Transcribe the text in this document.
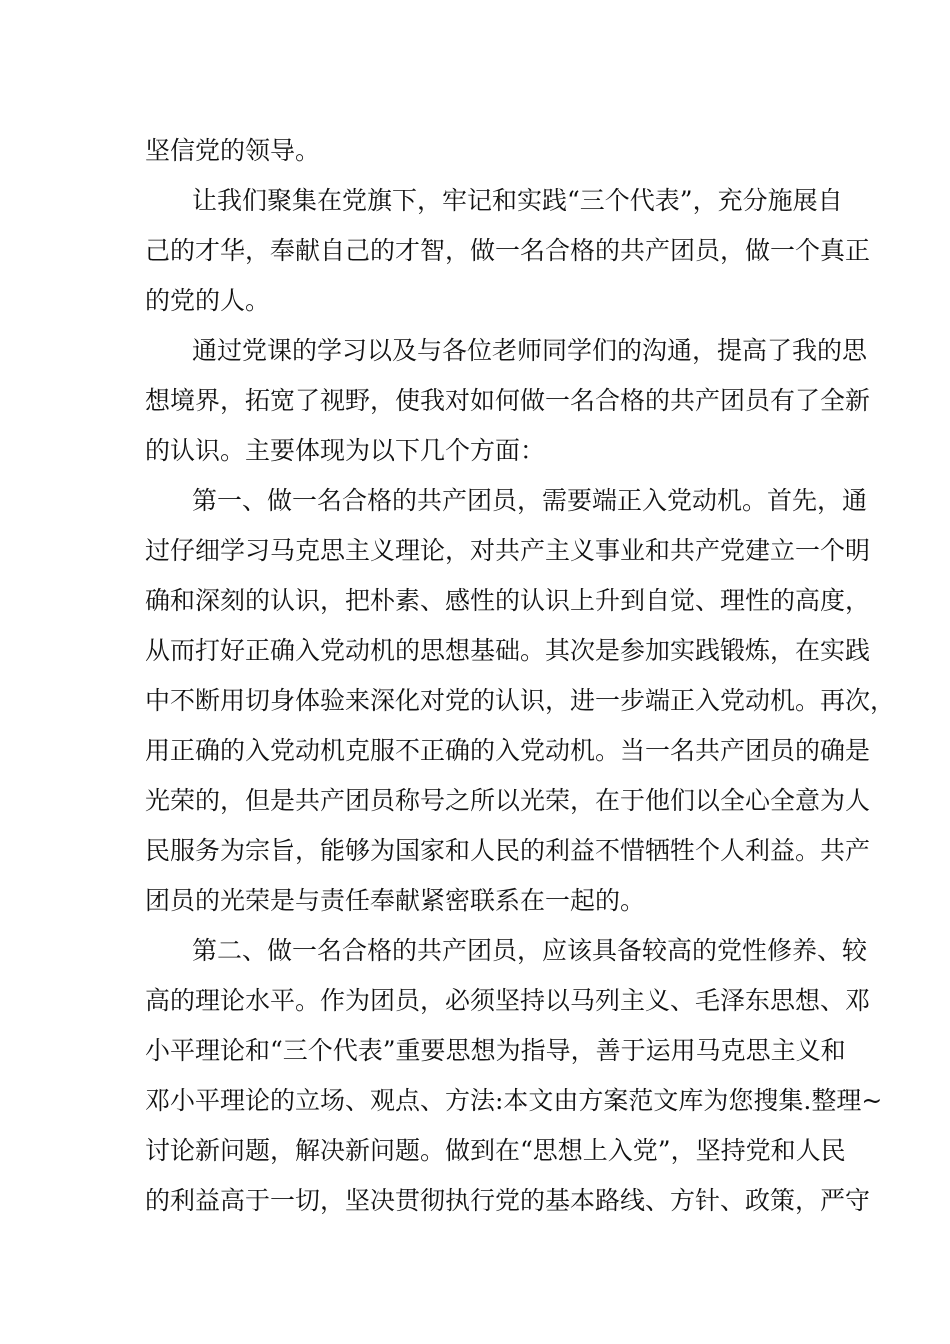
坚信党的领导。
让我们聚集在党旗下，牢记和实践“三个代表”，充分施展自
己的才华，奉献自己的才智，做一名合格的共产团员，做一个真正
的党的人。
通过党课的学习以及与各位老师同学们的沟通，提高了我的思
想境界，拓宽了视野，使我对如何做一名合格的共产团员有了全新
的认识。主要体现为以下几个方面：
第一、做一名合格的共产团员，需要端正入党动机。首先，通
过仔细学习马克思主义理论，对共产主义事业和共产党建立一个明
确和深刻的认识，把朴素、感性的认识上升到自觉、理性的高度，
从而打好正确入党动机的思想基础。其次是参加实践锻炼，在实践
中不断用切身体验来深化对党的认识，进一步端正入党动机。再次，
用正确的入党动机克服不正确的入党动机。当一名共产团员的确是
光荣的，但是共产团员称号之所以光荣，在于他们以全心全意为人
民服务为宗旨，能够为国家和人民的利益不惜牺牲个人利益。共产
团员的光荣是与责任奉献紧密联系在一起的。
第二、做一名合格的共产团员，应该具备较高的党性修养、较
高的理论水平。作为团员，必须坚持以马列主义、毛泽东思想、邓
小平理论和“三个代表”重要思想为指导，善于运用马克思主义和
邓小平理论的立场、观点、方法:本文由方案范文库为您搜集.整理~
讨论新问题，解决新问题。做到在“思想上入党”，坚持党和人民
的利益高于一切，坚决贯彻执行党的基本路线、方针、政策，严守
